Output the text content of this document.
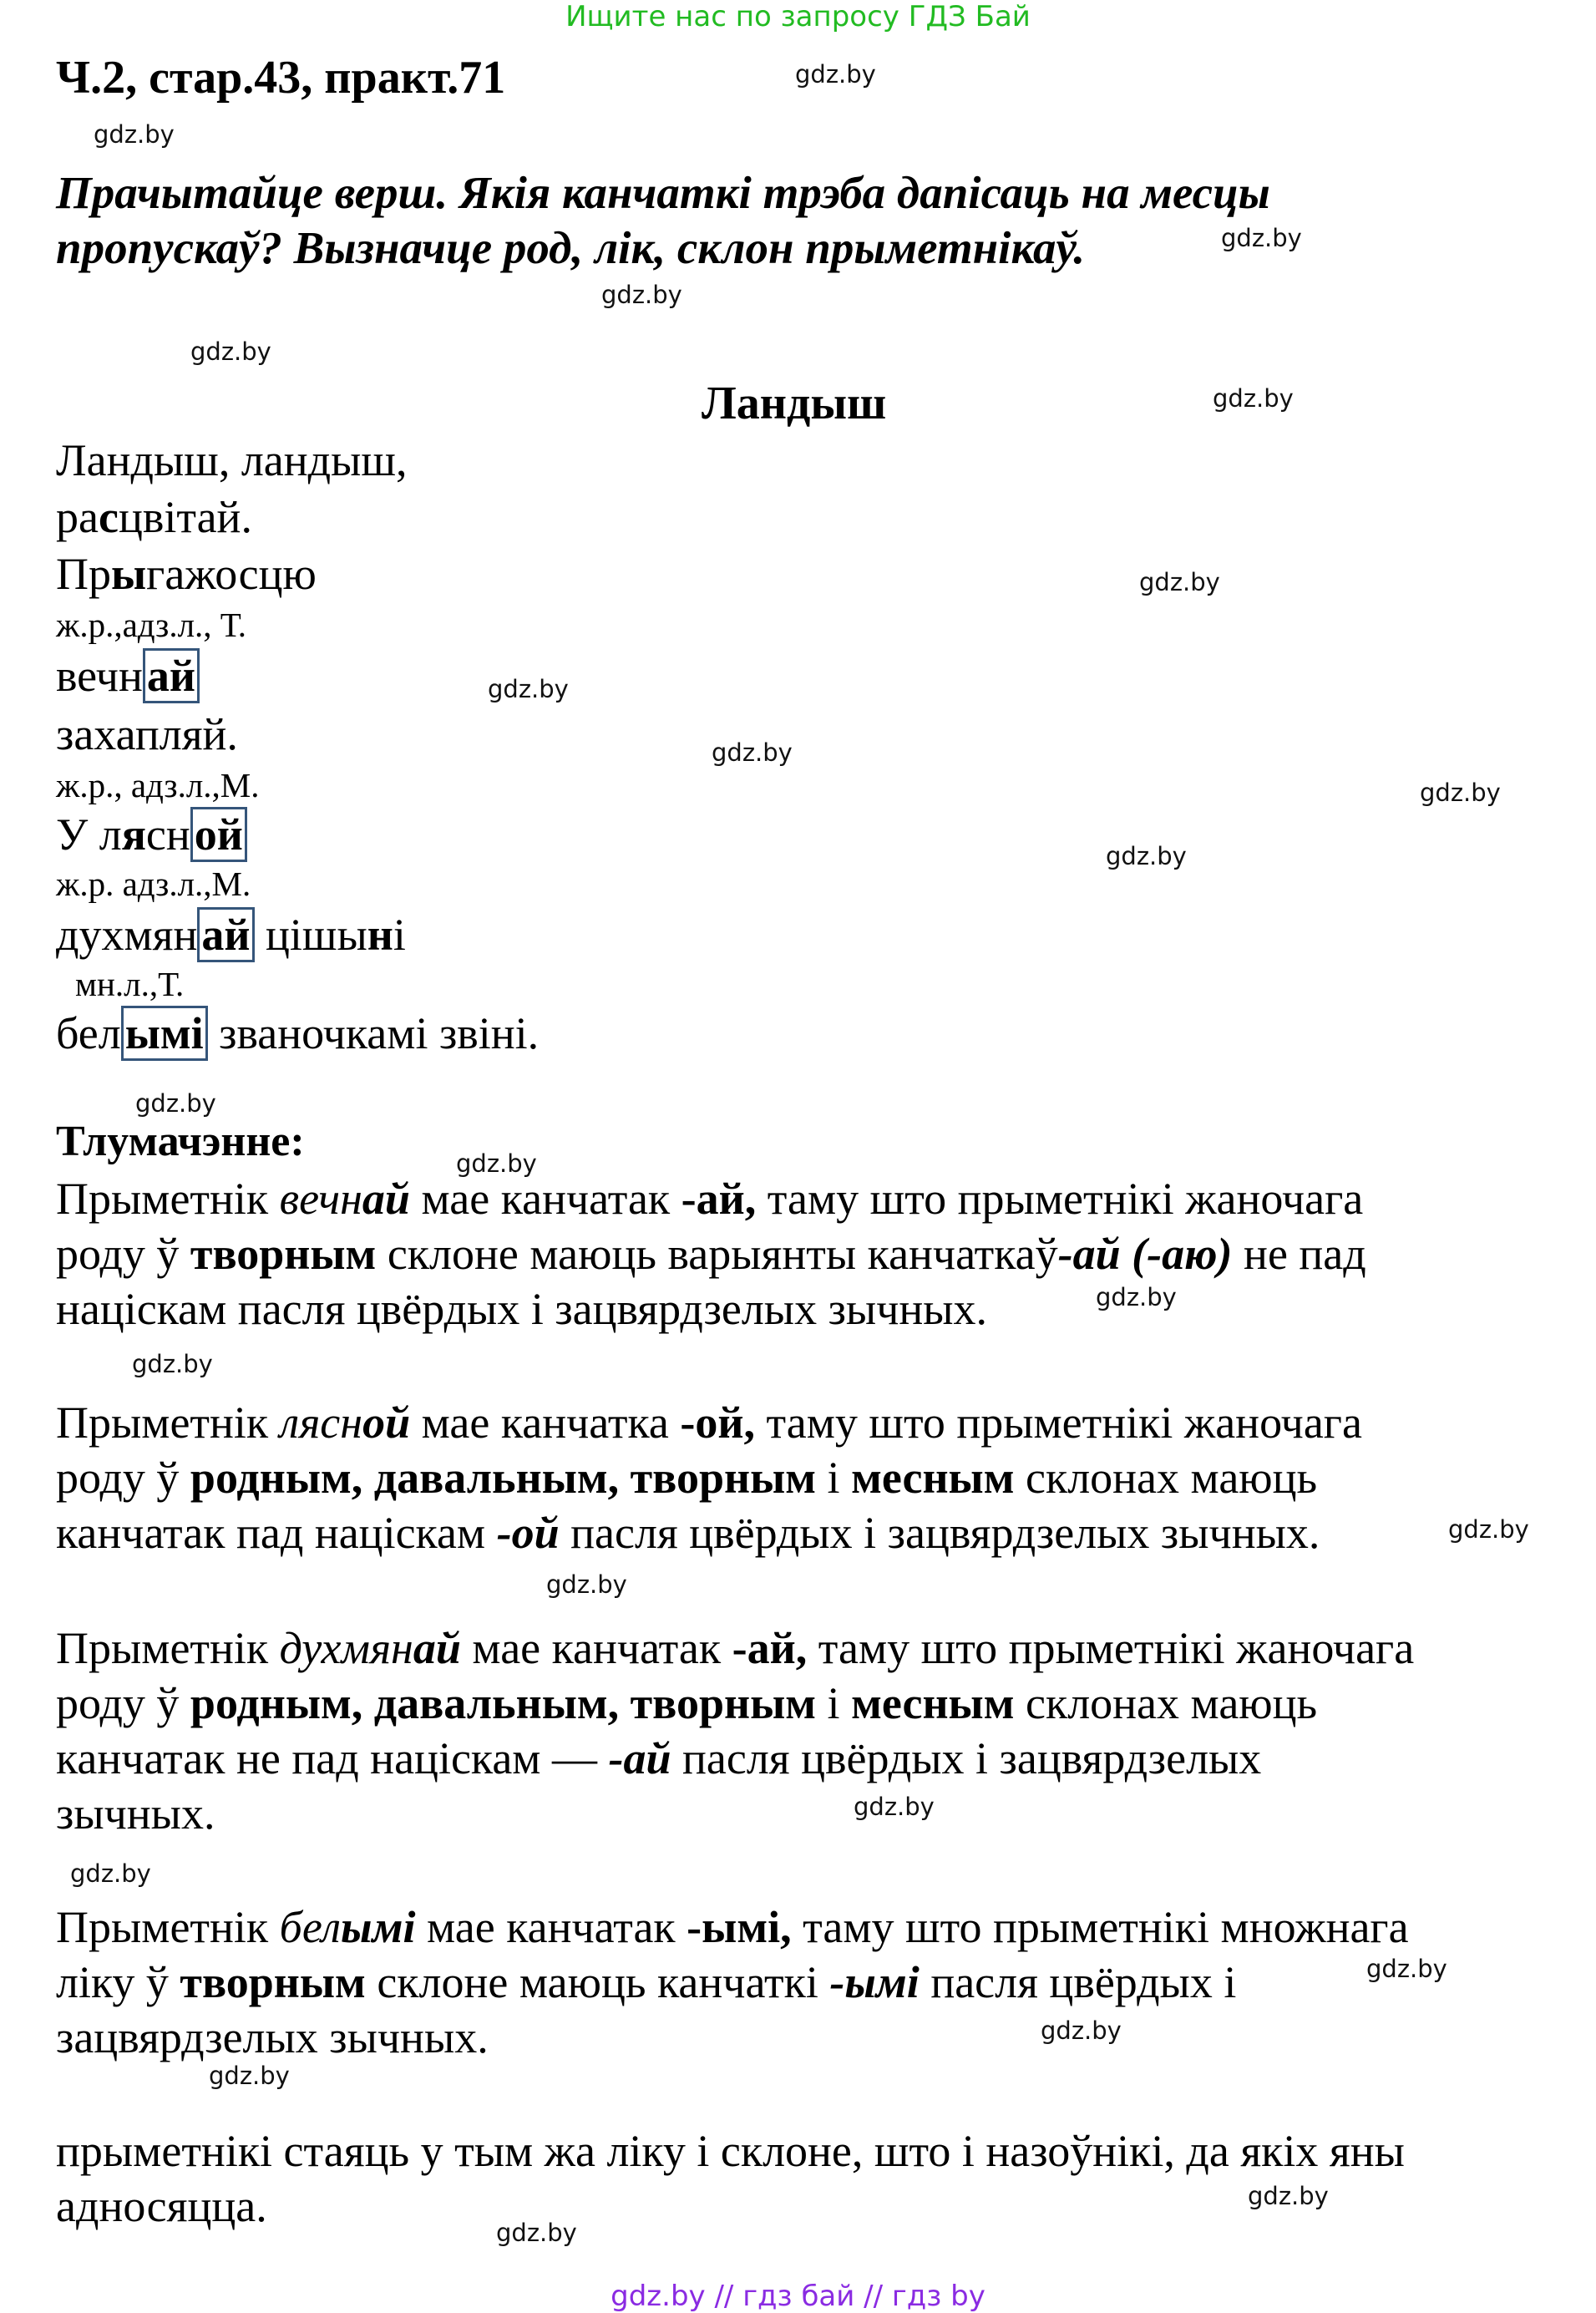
Ищите нас по запросу ГДЗ Бай
gdz.by // гдз бай // гдз by
Ч.2, стар.43, практ.71
Прачытайце верш. Якія канчаткі трэба дапісаць на месцы
пропускаў? Вызначце род, лік, склон прыметнікаў.
Ландыш
Ландыш, ландыш,
расцвітай.
Прыгажосцю
ж.р.,адз.л., Т.
вечнай
захапляй.
ж.р., адз.л.,М.
У лясной
ж.р. адз.л.,М.
духмянай цішыні
мн.л.,Т.
белымі званочкамі звіні.
Тлумачэнне:
Прыметнік вечнай мае канчатак -ай, таму што прыметнікі жаночага
роду ў творным склоне маюць варыянты канчаткаў-ай (-аю) не пад
націскам пасля цвёрдых і зацвярдзелых зычных.
Прыметнік лясной мае канчатка -ой, таму што прыметнікі жаночага
роду ў родным, давальным, творным і месным склонах маюць
канчатак пад націскам -ой пасля цвёрдых і зацвярдзелых зычных.
Прыметнік духмянай мае канчатак -ай, таму што прыметнікі жаночага
роду ў родным, давальным, творным і месным склонах маюць
канчатак не пад націскам — -ай пасля цвёрдых і зацвярдзелых
зычных.
Прыметнік белымі мае канчатак -ымі, таму што прыметнікі множнага
ліку ў творным склоне маюць канчаткі -ымі пасля цвёрдых і
зацвярдзелых зычных.
прыметнікі стаяць у тым жа ліку і склоне, што і назоўнікі, да якіх яны
адносяцца.
gdz.by
gdz.by
gdz.by
gdz.by
gdz.by
gdz.by
gdz.by
gdz.by
gdz.by
gdz.by
gdz.by
gdz.by
gdz.by
gdz.by
gdz.by
gdz.by
gdz.by
gdz.by
gdz.by
gdz.by
gdz.by
gdz.by
gdz.by
gdz.by
